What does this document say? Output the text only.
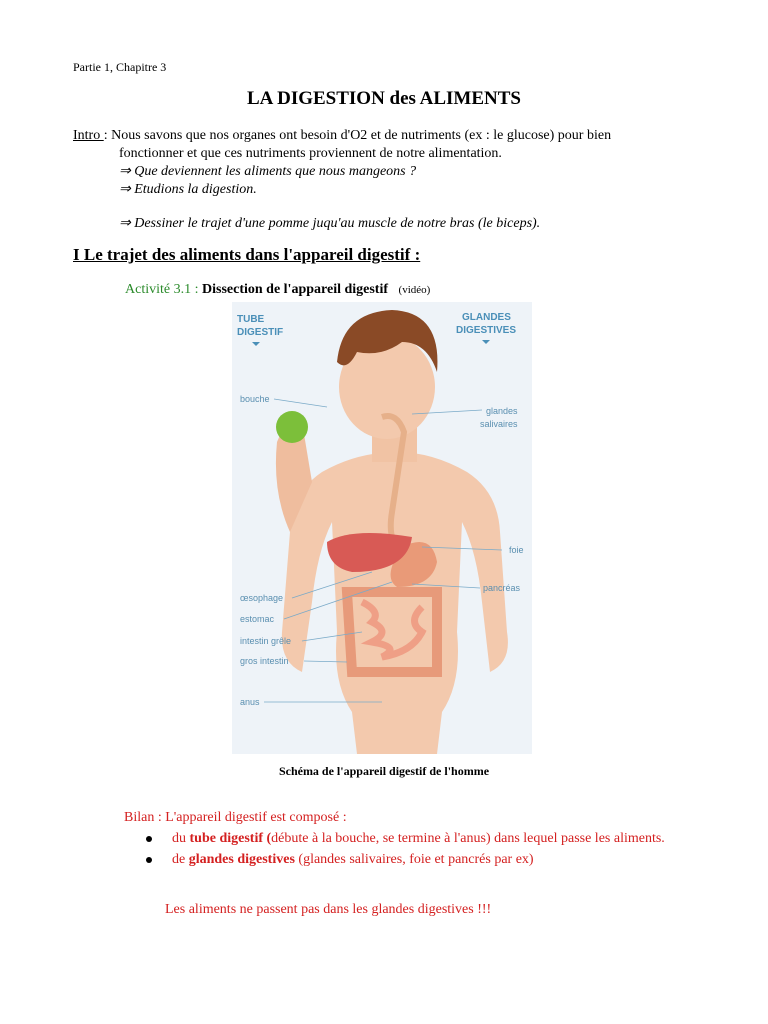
Partie 1, Chapitre 3
LA DIGESTION des ALIMENTS
Intro : Nous savons que nos organes ont besoin d'O2 et de nutriments (ex : le glucose) pour bien
fonctionner et que ces nutriments proviennent de notre alimentation.
⇒ Que deviennent les aliments que nous mangeons ?
⇒ Etudions la digestion.
⇒ Dessiner le trajet d'une pomme juqu'au muscle de notre bras (le biceps).
I Le trajet des aliments dans l'appareil digestif :
Activité 3.1 : Dissection de l'appareil digestif (vidéo)
TUBE
DIGESTIF
GLANDES
DIGESTIVES
bouche
œsophage
estomac
intestin grêle
gros intestin
anus
glandes
salivaires
foie
pancréas
Schéma de l'appareil digestif de l'homme
Bilan : L'appareil digestif est composé :
du tube digestif (débute à la bouche, se termine à l'anus) dans lequel passe les aliments.
de glandes digestives (glandes salivaires, foie et pancrés par ex)
Les aliments ne passent pas dans les glandes digestives !!!
